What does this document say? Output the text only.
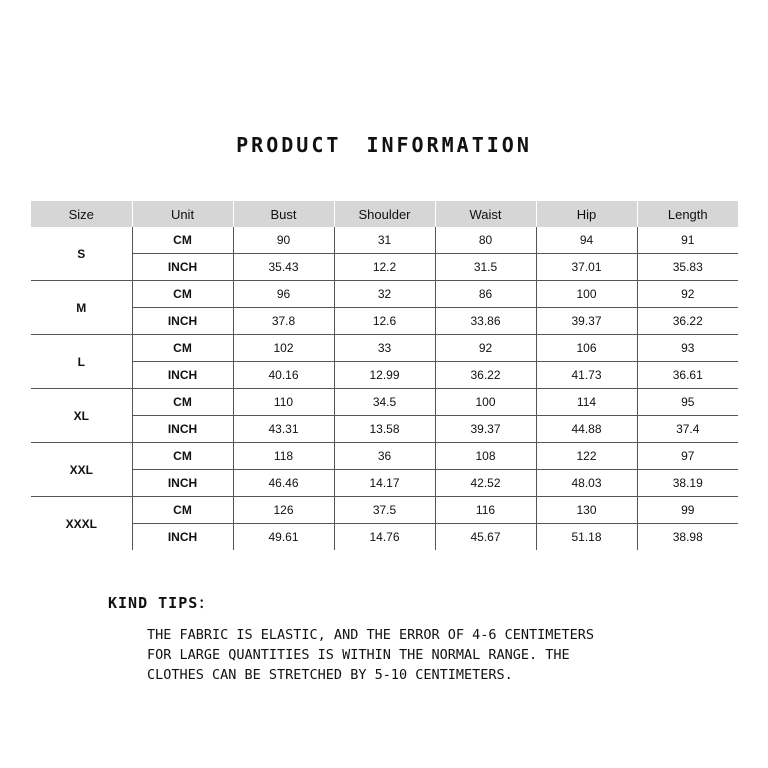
PRODUCT INFORMATION
Size	Unit	Bust	Shoulder	Waist	Hip	Length
S	CM	90	31	80	94	91
	INCH	35.43	12.2	31.5	37.01	35.83
M	CM	96	32	86	100	92
	INCH	37.8	12.6	33.86	39.37	36.22
L	CM	102	33	92	106	93
	INCH	40.16	12.99	36.22	41.73	36.61
XL	CM	110	34.5	100	114	95
	INCH	43.31	13.58	39.37	44.88	37.4
XXL	CM	118	36	108	122	97
	INCH	46.46	14.17	42.52	48.03	38.19
XXXL	CM	126	37.5	116	130	99
	INCH	49.61	14.76	45.67	51.18	38.98
KIND TIPS：
THE FABRIC IS ELASTIC, AND THE ERROR OF 4-6 CENTIMETERS
FOR LARGE QUANTITIES IS WITHIN THE NORMAL RANGE. THE
CLOTHES CAN BE STRETCHED BY 5-10 CENTIMETERS.
